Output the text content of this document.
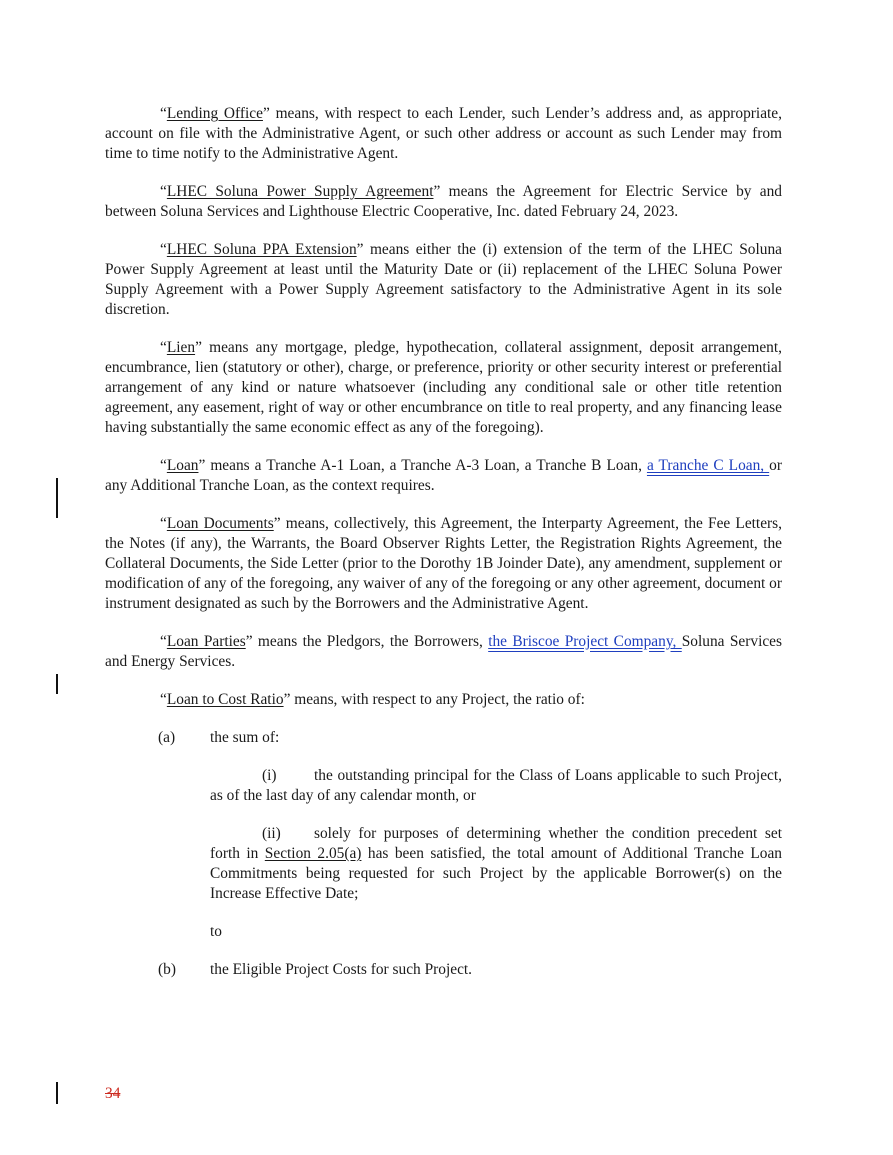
“Lending Office” means, with respect to each Lender, such Lender’s address and, as appropriate, account on file with the Administrative Agent, or such other address or account as such Lender may from time to time notify to the Administrative Agent.

“LHEC Soluna Power Supply Agreement” means the Agreement for Electric Service by and between Soluna Services and Lighthouse Electric Cooperative, Inc. dated February 24, 2023.

“LHEC Soluna PPA Extension” means either the (i) extension of the term of the LHEC Soluna Power Supply Agreement at least until the Maturity Date or (ii) replacement of the LHEC Soluna Power Supply Agreement with a Power Supply Agreement satisfactory to the Administrative Agent in its sole discretion.

“Lien” means any mortgage, pledge, hypothecation, collateral assignment, deposit arrangement, encumbrance, lien (statutory or other), charge, or preference, priority or other security interest or preferential arrangement of any kind or nature whatsoever (including any conditional sale or other title retention agreement, any easement, right of way or other encumbrance on title to real property, and any financing lease having substantially the same economic effect as any of the foregoing).

“Loan” means a Tranche A-1 Loan, a Tranche A-3 Loan, a Tranche B Loan, a Tranche C Loan, or any Additional Tranche Loan, as the context requires.

“Loan Documents” means, collectively, this Agreement, the Interparty Agreement, the Fee Letters, the Notes (if any), the Warrants, the Board Observer Rights Letter, the Registration Rights Agreement, the Collateral Documents, the Side Letter (prior to the Dorothy 1B Joinder Date), any amendment, supplement or modification of any of the foregoing, any waiver of any of the foregoing or any other agreement, document or instrument designated as such by the Borrowers and the Administrative Agent.

“Loan Parties” means the Pledgors, the Borrowers, the Briscoe Project Company, Soluna Services and Energy Services.

“Loan to Cost Ratio” means, with respect to any Project, the ratio of:

(a) the sum of:

(i) the outstanding principal for the Class of Loans applicable to such Project, as of the last day of any calendar month, or

(ii) solely for purposes of determining whether the condition precedent set forth in Section 2.05(a) has been satisfied, the total amount of Additional Tranche Loan Commitments being requested for such Project by the applicable Borrower(s) on the Increase Effective Date;

to

(b) the Eligible Project Costs for such Project.

34
